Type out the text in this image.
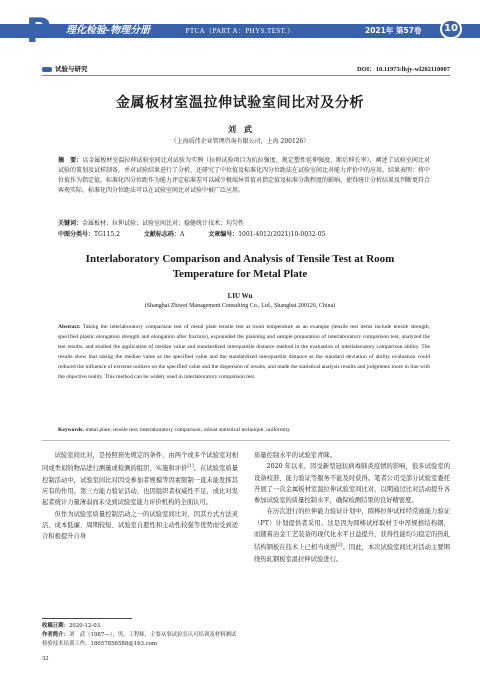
P 理化检验-物理分册	PTCA（PART A：PHYS.TEST.）	2021年 第57卷	10
试验与研究	DOI：10.11973/lhjy-wl202110007
金属板材室温拉伸试验室间比对及分析
刘　武
（上海质伟企业管理咨询有限公司，上海 200126）
摘　要：以金属板材室温拉伸试验室间比对试验为实例（拉伸试验项目为抗拉强度、规定塑性延伸强度、断后伸长率），阐述了试验室间比对试验的策划及试样制备，并对试验结果进行了分析，还研究了中位值及标准化四分位距法在试验室间比对能力评价中的应用。结果表明：将中位值作为指定值，标准化四分位距作为能力评定标准差可以减少极端异常值对指定值及标准分散程度的影响，使得统计分析结果及判断更符合客观实际。标准化四分位距法可以在试验室间比对试验中被广泛应用。
关键词：金属板材；拉伸试验；试验室间比对；稳健统计技术；均匀性
中图分类号：TG115.2	文献标志码：A	文章编号：1001-4012(2021)10-0032-05
Interlaboratory Comparison and Analysis of Tensile Test at Room Temperature for Metal Plate
LIU Wu
(Shanghai Zhiwei Management Consulting Co., Ltd., Shanghai 200126, China)
Abstract: Taking the interlaboratory comparison test of metal plate tensile test at room temperature as an example (tensile test items include tensile strength, specified plastic elongation strength and elongation after fracture), expounded the planning and sample preparation of interlaboratory comparison test, analyzed the test results, and studied the application of median value and standardized interquartile distance method in the evaluation of interlaboratory comparison ability. The results show that taking the median value as the specified value and the standardized interquartile distance as the standard deviation of ability evaluation could reduced the influence of extreme outliers on the specified value and the dispersion of results, and made the statistical analysis results and judgments more in line with the objective reality. This method can be widely used in interlaboratory comparison test.
Keywords: metal plate; tensile test; interlaboratory comparison; robust statistical technique; uniformity

试验室间比对，是按照预先规定的条件，由两个或多个试验室对相同或类似的物品进行测量或检测的组织、实施和评价[1]。在试验室质量控制活动中，试验室间比对因受参加者规模等因素限制一直未能发挥其应有的作用。第三方能力验证活动，也因组织者权威性不足，或比对发起者统计力量薄弱而未受到试验室能力评价机构的全面认可。

但作为试验室质量控制活动之一的试验室间比对，因其方式方法灵活、成本低廉、周期较短、试验室自愿性和主动性较强等优势而受到适合积极提升自身

质量控制水平的试验室青睐。

2020 年以来，因受新型冠状病毒肺炎疫情的影响，很多试验室的设备校准、能力验证等服务不能及时获得。笔者公司受部分试验室委托开展了一次金属板材室温拉伸试验室间比对，以期通过比对活动提升各参加试验室的质量控制水平，确保检测结果的良好精密度。

在历次进行的拉伸能力验证计划中，圆棒拉伸试样经常被能力验证（PT）计划提供者采用。这是因为圆棒试样取材于中厚规格结构钢，而随着冶金工艺装备的现代化水平日益提升，获得性能均匀稳定的热轧结构钢板在技术上已相当成熟[2]。因此，本次试验室间比对活动主要围绕热轧钢板室温拉伸试验进行。

收稿日期：2020-12-03
作者简介：刘　武（1987—），男，工程师，主要从事试验室认可培训及材料测试检验技术培训工作，18657856588@163.com
32
